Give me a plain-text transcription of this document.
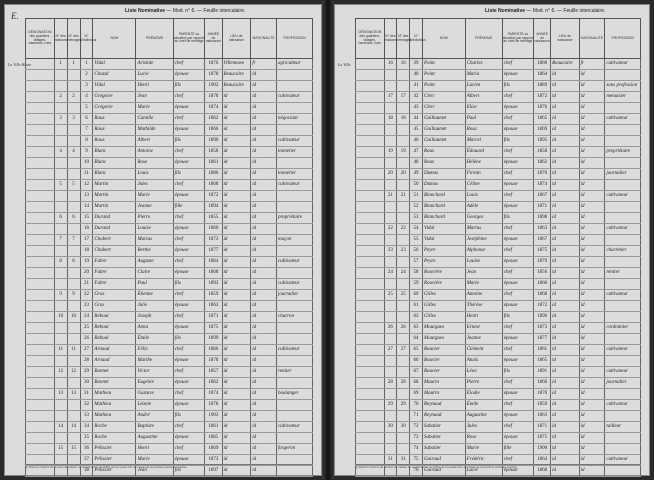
Liste Nominative — Mod. n° 6. — Feuille intercalaire.
E.
La Ville Haute
DÉSIGNATION des quartiers, villages, hameaux, rues	N° des maisons	N° des ménages	N° d'individus	NOM	PRÉNOMS	PARENTÉ ou situation par rapport au chef de ménage	ANNÉE de naissance	LIEU de naissance	NATIONALITÉ	PROFESSION
	1	1	1	Vidal	Aristide	chef	1876	Villeneuve	fr	agriculteur
			2	Chazal	Lucie	épouse	1878	Beaucaire	id	
			3	Vidal	Henri	fils	1902	Beaucaire	id	
	2	2	4	Grégoire	Jean	chef	1870	id	id	cultivateur
			5	Grégoire	Marie	épouse	1874	id	id	
	3	3	6	Roux	Camille	chef	1862	id	id	négociant
			7	Roux	Mathilde	épouse	1866	id	id	
			8	Roux	Albert	fils	1890	id	id	cultivateur
	4	4	9	Blanc	Antoine	chef	1858	id	id	tonnelier
			10	Blanc	Rose	épouse	1861	id	id	
			11	Blanc	Louis	fils	1886	id	id	tonnelier
	5	5	12	Martin	Jules	chef	1868	id	id	cultivateur
			13	Martin	Marie	épouse	1872	id	id	
			14	Martin	Jeanne	fille	1894	id	id	
	6	6	15	Durand	Pierre	chef	1855	id	id	propriétaire
			16	Durand	Louise	épouse	1860	id	id	
	7	7	17	Chabert	Marius	chef	1873	id	id	maçon
			18	Chabert	Berthe	épouse	1877	id	id	
	8	8	19	Fabre	Auguste	chef	1864	id	id	cultivateur
			20	Fabre	Claire	épouse	1868	id	id	
			21	Fabre	Paul	fils	1893	id	id	cultivateur
	9	9	22	Gras	Étienne	chef	1859	id	id	journalier
			23	Gras	Julie	épouse	1863	id	id	
	10	10	24	Reboul	Joseph	chef	1871	id	id	charron
			25	Reboul	Anna	épouse	1875	id	id	
			26	Reboul	Émile	fils	1899	id	id	
	11	11	27	Arnaud	Félix	chef	1866	id	id	cultivateur
			28	Arnaud	Marthe	épouse	1870	id	id	
	12	12	29	Bonnet	Victor	chef	1857	id	id	rentier
			30	Bonnet	Eugénie	épouse	1862	id	id	
	13	13	31	Mathieu	Gustave	chef	1874	id	id	boulanger
			32	Mathieu	Léonie	épouse	1878	id	id	
			33	Mathieu	André	fils	1903	id	id	
	14	14	34	Roche	Baptiste	chef	1861	id	id	cultivateur
			35	Roche	Augustine	épouse	1865	id	id	
	15	15	36	Pélissier	Henri	chef	1869	id	id	forgeron
			37	Pélissier	Marie	épouse	1873	id	id	
			38	Pélissier	Jean	fils	1897	id	id	
(1) Dans la colonne du numéro de maison on ne doit porter ce chiffre qu'une seule fois, au niveau de la première personne inscrite.
Liste Nominative — Mod. n° 6. — Feuille intercalaire.
La Ville
DÉSIGNATION des quartiers, villages, hameaux, rues	N° des maisons	N° des ménages	N° d'individus	NOM	PRÉNOMS	PARENTÉ ou situation par rapport au chef de ménage	ANNÉE de naissance	LIEU de naissance	NATIONALITÉ	PROFESSION
	16	16	39	Point	Charles	chef	1860	Beaucaire	fr	cultivateur
			40	Point	Maria	épouse	1864	id	id	
			41	Point	Lucien	fils	1889	id	id	sans profession
	17	17	42	Clerc	Albert	chef	1872	id	id	menuisier
			43	Clerc	Elise	épouse	1876	id	id	
	18	18	44	Guillaumet	Paul	chef	1865	id	id	cultivateur
			45	Guillaumet	Rosa	épouse	1869	id	id	
			46	Guillaumet	Marcel	fils	1895	id	id	
	19	19	47	Roux	Édouard	chef	1858	id	id	propriétaire
			48	Roux	Hélène	épouse	1862	id	id	
	20	20	49	Dumas	Firmin	chef	1870	id	id	journalier
			50	Dumas	Céline	épouse	1874	id	id	
	21	21	51	Blanchard	Louis	chef	1867	id	id	cultivateur
			52	Blanchard	Adèle	épouse	1871	id	id	
			53	Blanchard	Georges	fils	1898	id	id	
	22	22	54	Vidal	Marius	chef	1863	id	id	cultivateur
			55	Vidal	Joséphine	épouse	1867	id	id	
	23	23	56	Peyre	Alphonse	chef	1875	id	id	charretier
			57	Peyre	Louise	épouse	1879	id	id	
	24	24	58	Rouvière	Jean	chef	1856	id	id	rentier
			59	Rouvière	Marie	épouse	1860	id	id	
	25	25	60	Gilles	Antoine	chef	1868	id	id	cultivateur
			61	Gilles	Thérèse	épouse	1872	id	id	
			62	Gilles	Henri	fils	1896	id	id	
	26	26	63	Mourgues	Ernest	chef	1873	id	id	cordonnier
			64	Mourgues	Jeanne	épouse	1877	id	id	
	27	27	65	Bouvier	Clément	chef	1861	id	id	cultivateur
			66	Bouvier	Anaïs	épouse	1865	id	id	
			67	Bouvier	Léon	fils	1891	id	id	cultivateur
	28	28	68	Maurin	Pierre	chef	1866	id	id	journalier
			69	Maurin	Élodie	épouse	1870	id	id	
	29	29	70	Reynaud	Émile	chef	1859	id	id	cultivateur
			71	Reynaud	Augustine	épouse	1863	id	id	
	30	30	72	Sabatier	Jules	chef	1871	id	id	tailleur
			73	Sabatier	Rose	épouse	1875	id	id	
			74	Sabatier	Marie	fille	1900	id	id	
	31	31	75	Guiraud	Frédéric	chef	1864	id	id	cultivateur
			76	Guiraud	Lucie	épouse	1868	id	id	
(1) Dans la colonne du numéro de maison on ne doit porter ce chiffre qu'une seule fois, au niveau de la première personne inscrite.
